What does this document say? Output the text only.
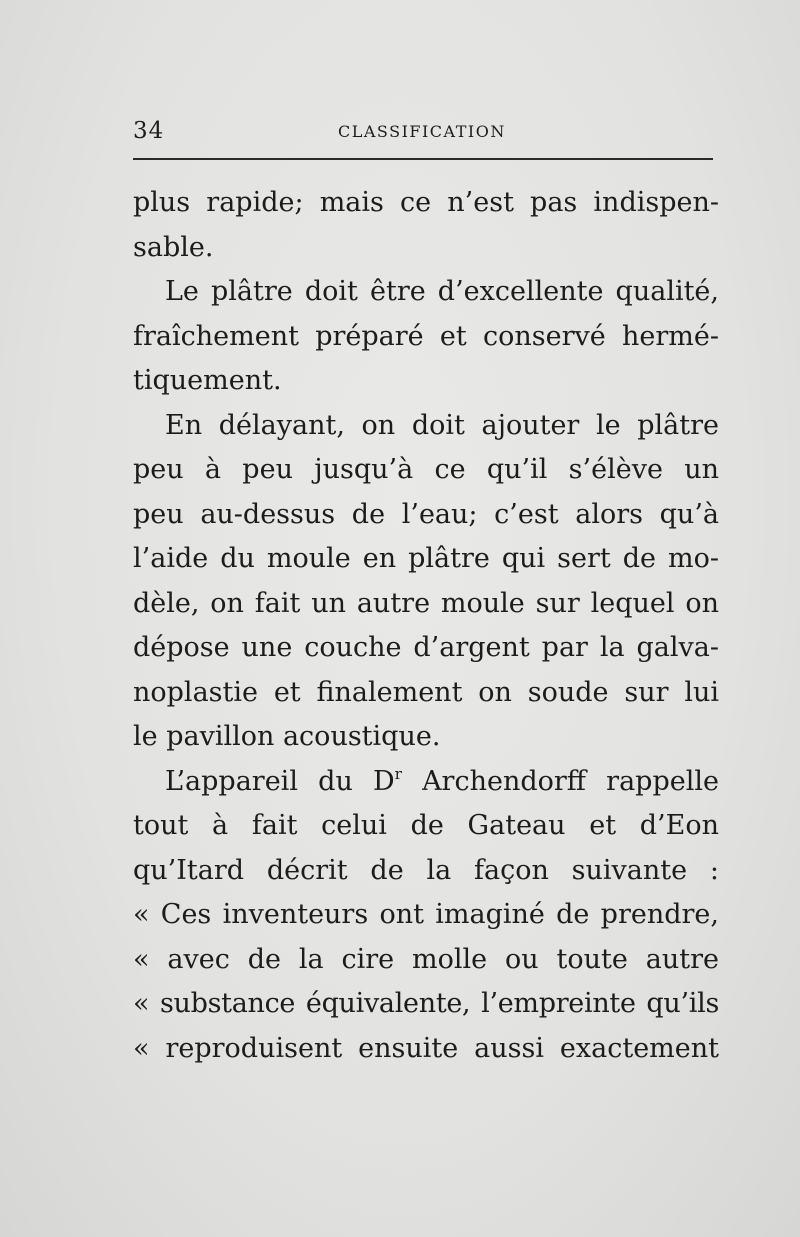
34	CLASSIFICATION
plus rapide; mais ce n’est pas indispen-
sable.
Le plâtre doit être d’excellente qualité,
fraîchement préparé et conservé hermé-
tiquement.
En délayant, on doit ajouter le plâtre
peu à peu jusqu’à ce qu’il s’élève un
peu au-dessus de l’eau; c’est alors qu’à
l’aide du moule en plâtre qui sert de mo-
dèle, on fait un autre moule sur lequel on
dépose une couche d’argent par la galva-
noplastie et finalement on soude sur lui
le pavillon acoustique.
L’appareil du $D^r$ Archendorff rappelle
tout à fait celui de Gateau et d’Eon
qu’Itard décrit de la façon suivante :
« Ces inventeurs ont imaginé de prendre,
« avec de la cire molle ou toute autre
« substance équivalente, l’empreinte qu’ils
« reproduisent ensuite aussi exactement
